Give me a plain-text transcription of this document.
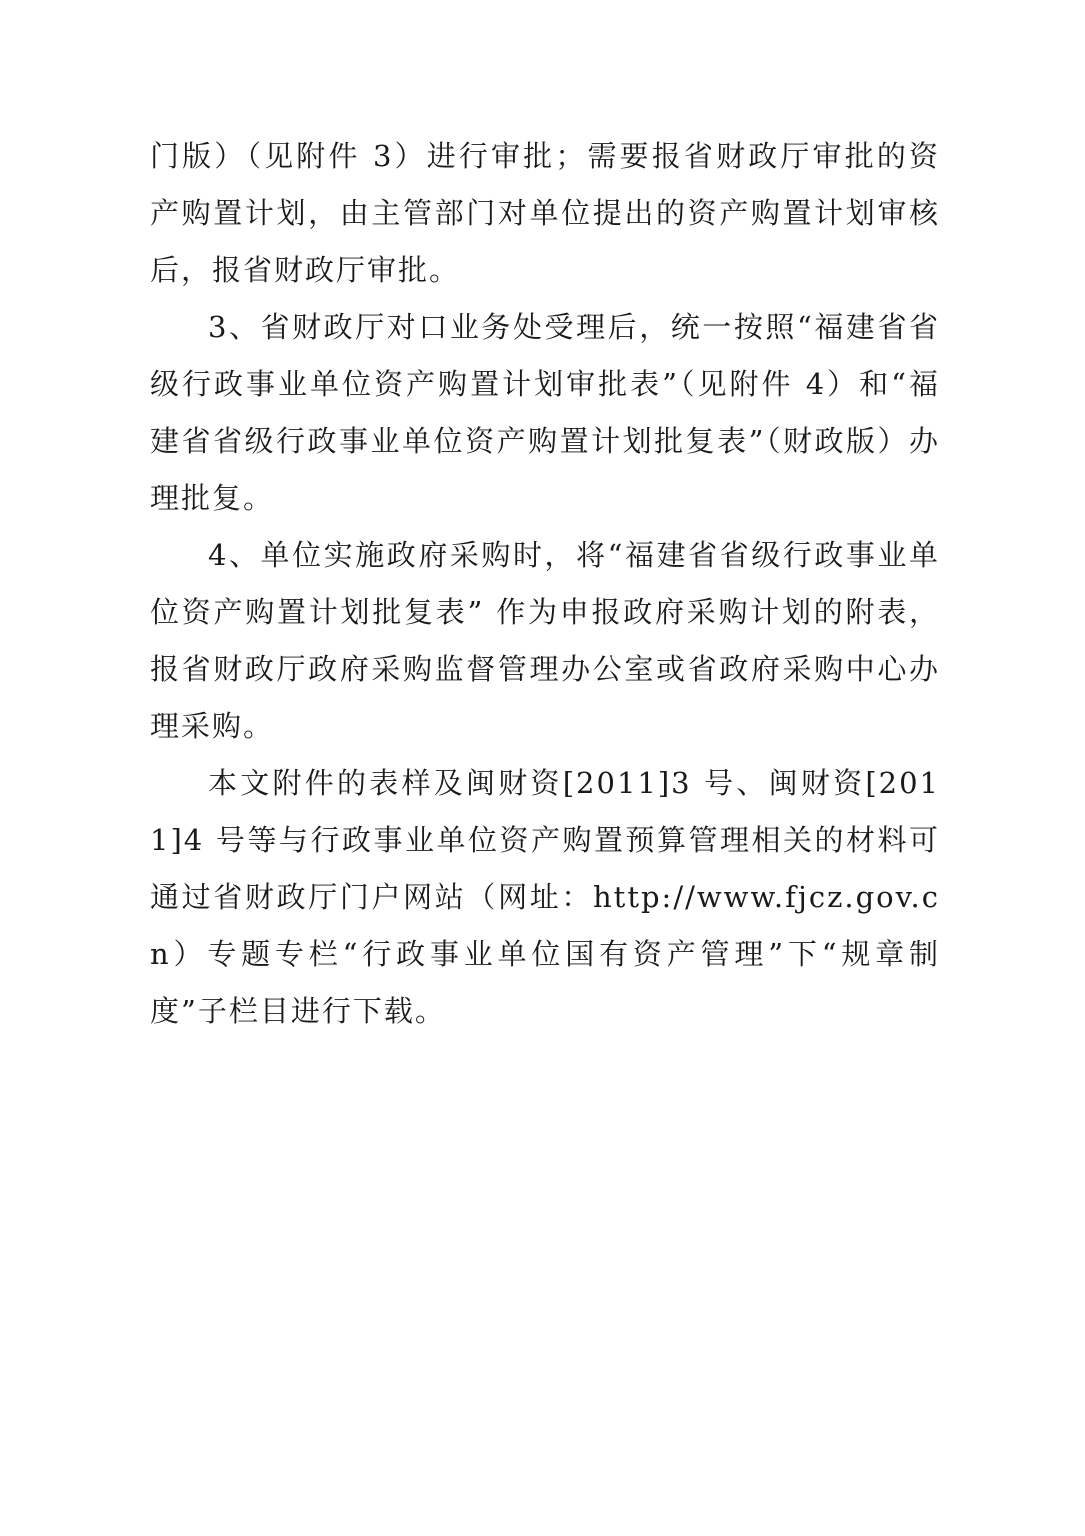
门版）（见附件 3）进行审批；需要报省财政厅审批的资产购置计划，由主管部门对单位提出的资产购置计划审核后，报省财政厅审批。

3、省财政厅对口业务处受理后，统一按照“福建省省级行政事业单位资产购置计划审批表”（见附件 4）和“福建省省级行政事业单位资产购置计划批复表”（财政版）办理批复。

4、单位实施政府采购时，将“福建省省级行政事业单位资产购置计划批复表” 作为申报政府采购计划的附表，报省财政厅政府采购监督管理办公室或省政府采购中心办理采购。

本文附件的表样及闽财资[2011]3 号、闽财资[2011]4 号等与行政事业单位资产购置预算管理相关的材料可通过省财政厅门户网站（网址：http://www.fjcz.gov.cn）专题专栏“行政事业单位国有资产管理”下“规章制度”子栏目进行下载。
